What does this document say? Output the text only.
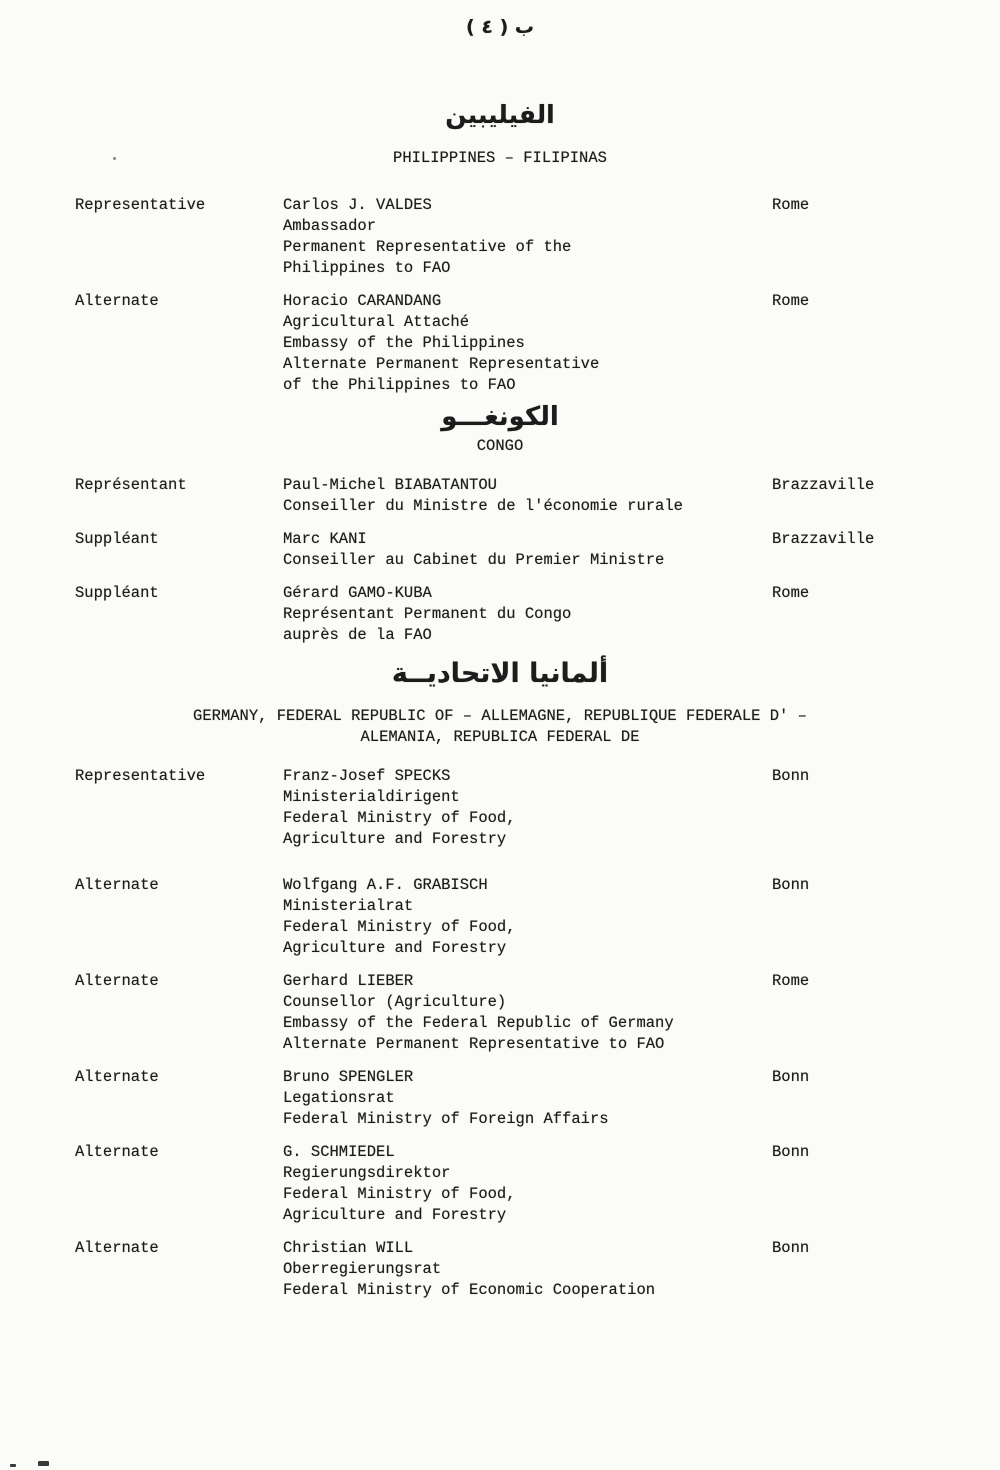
ب ( ٤ )
الفيليبين
PHILIPPINES – FILIPINAS
Representative	Carlos J. VALDES
Ambassador
Permanent Representative of the
Philippines to FAO
Rome
Alternate	Horacio CARANDANG
Agricultural Attaché
Embassy of the Philippines
Alternate Permanent Representative
of the Philippines to FAO
Rome
الكونغـــو
CONGO
Représentant	Paul-Michel BIABATANTOU
Conseiller du Ministre de l'économie rurale
Brazzaville
Suppléant	Marc KANI
Conseiller au Cabinet du Premier Ministre
Brazzaville
Suppléant	Gérard GAMO-KUBA
Représentant Permanent du Congo
auprès de la FAO
Rome
ألمانيا الاتحاديــة
GERMANY, FEDERAL REPUBLIC OF – ALLEMAGNE, REPUBLIQUE FEDERALE D' –
ALEMANIA, REPUBLICA FEDERAL DE
Representative	Franz-Josef SPECKS
Ministerialdirigent
Federal Ministry of Food,
Agriculture and Forestry
Bonn
Alternate	Wolfgang A.F. GRABISCH
Ministerialrat
Federal Ministry of Food,
Agriculture and Forestry
Bonn
Alternate	Gerhard LIEBER
Counsellor (Agriculture)
Embassy of the Federal Republic of Germany
Alternate Permanent Representative to FAO
Rome
Alternate	Bruno SPENGLER
Legationsrat
Federal Ministry of Foreign Affairs
Bonn
Alternate	G. SCHMIEDEL
Regierungsdirektor
Federal Ministry of Food,
Agriculture and Forestry
Bonn
Alternate	Christian WILL
Oberregierungsrat
Federal Ministry of Economic Cooperation
Bonn
